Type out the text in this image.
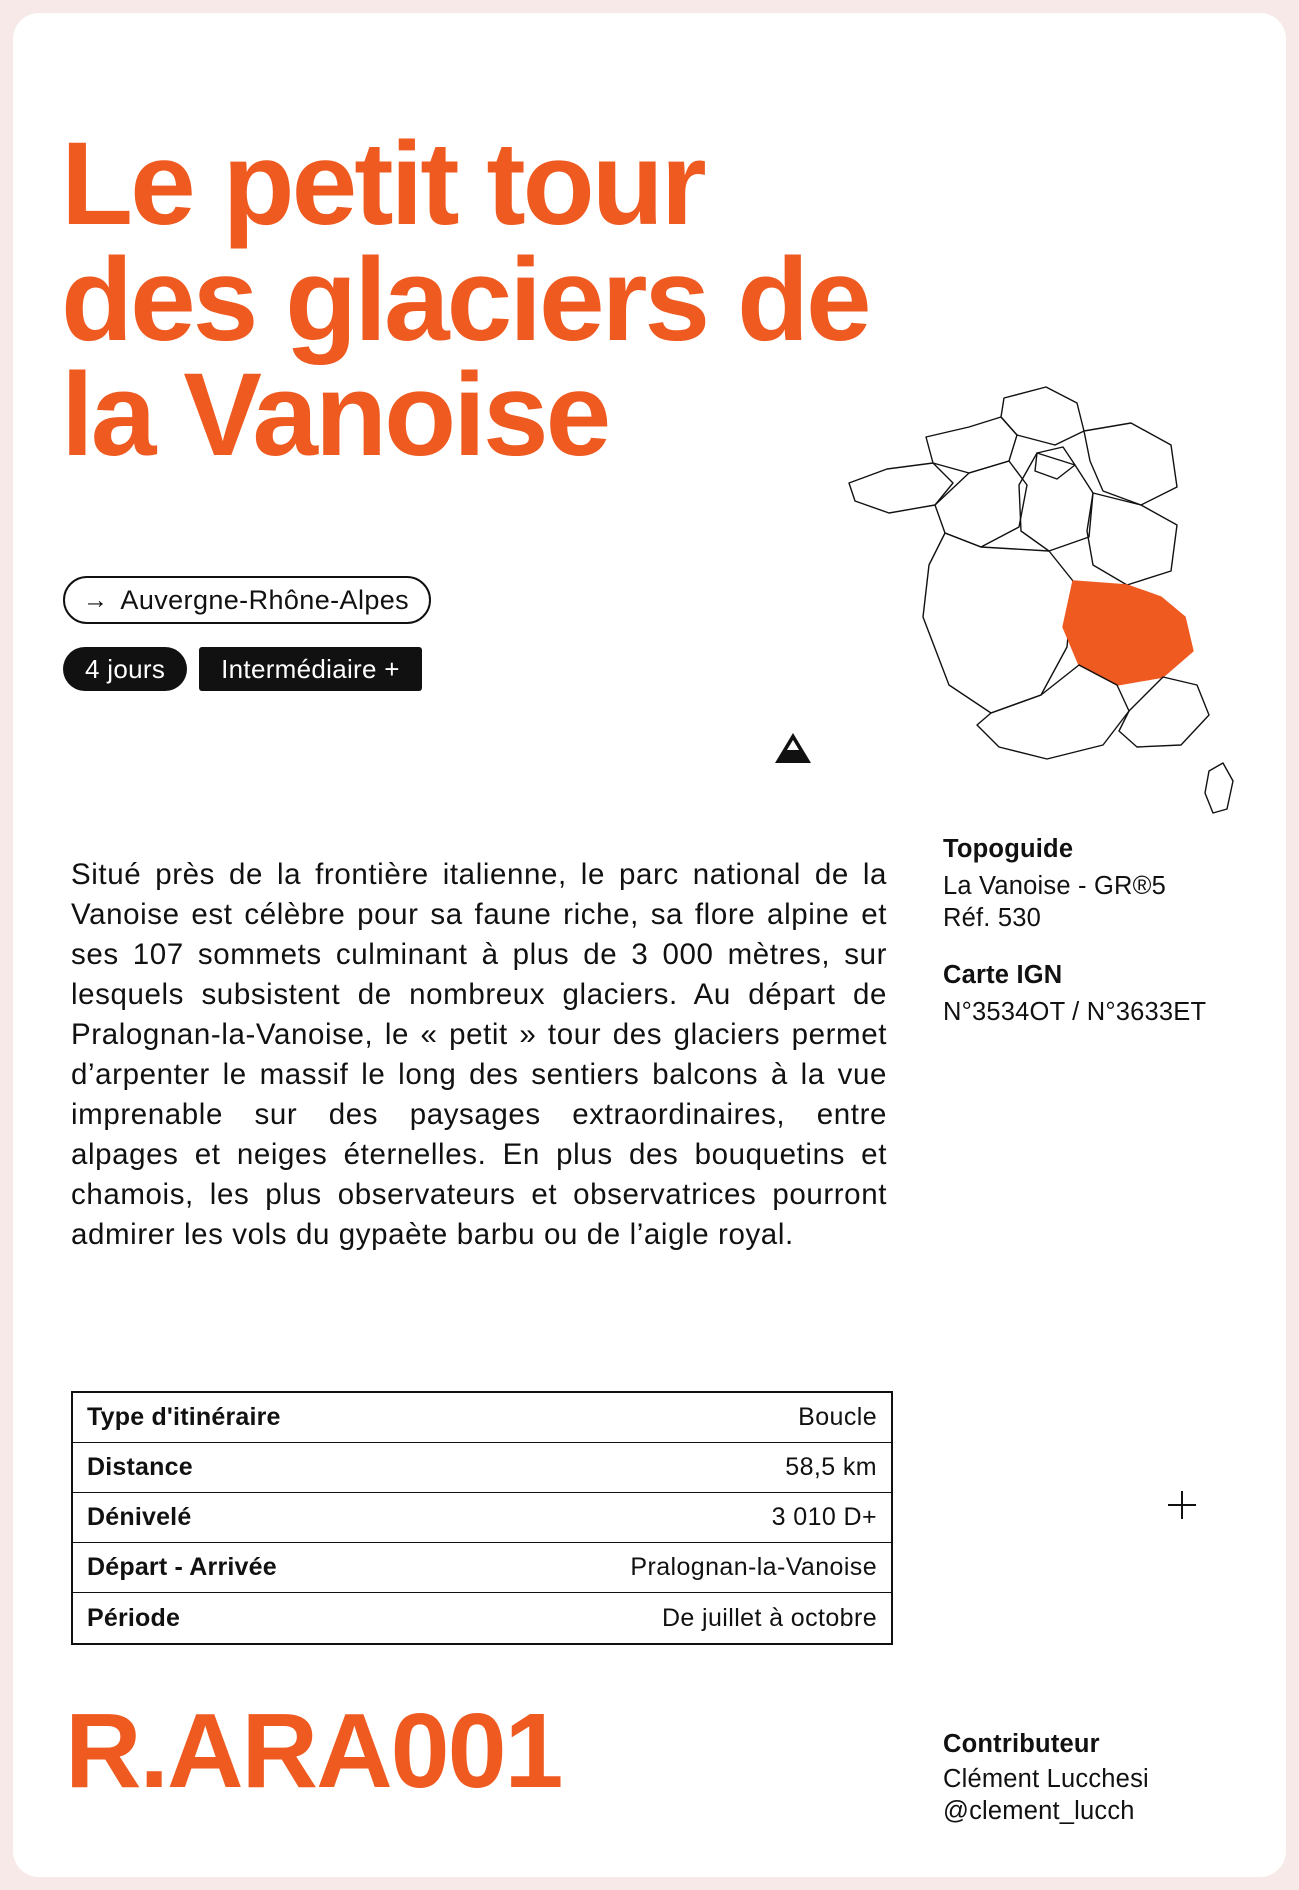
Le petit tour
des glaciers de
la Vanoise
→ Auvergne-Rhône-Alpes
4 jours	Intermédiaire +

Situé près de la frontière italienne, le parc national de la Vanoise est célèbre pour sa faune riche, sa flore alpine et ses 107 sommets culminant à plus de 3 000 mètres, sur lesquels subsistent de nombreux glaciers. Au départ de Pralognan-la-Vanoise, le « petit » tour des glaciers permet d’arpenter le massif le long des sentiers balcons à la vue imprenable sur des paysages extraordinaires, entre alpages et neiges éternelles. En plus des bouquetins et chamois, les plus observateurs et observatrices pourront admirer les vols du gypaète barbu ou de l’aigle royal.

Topoguide
La Vanoise - GR®5
Réf. 530
Carte IGN
N°3534OT / N°3633ET
Type d'itinéraire	Boucle
Distance	58,5 km
Dénivelé	3 010 D+
Départ - Arrivée	Pralognan-la-Vanoise
Période	De juillet à octobre
R.ARA001	Contributeur
Clément Lucchesi
@clement_lucch
